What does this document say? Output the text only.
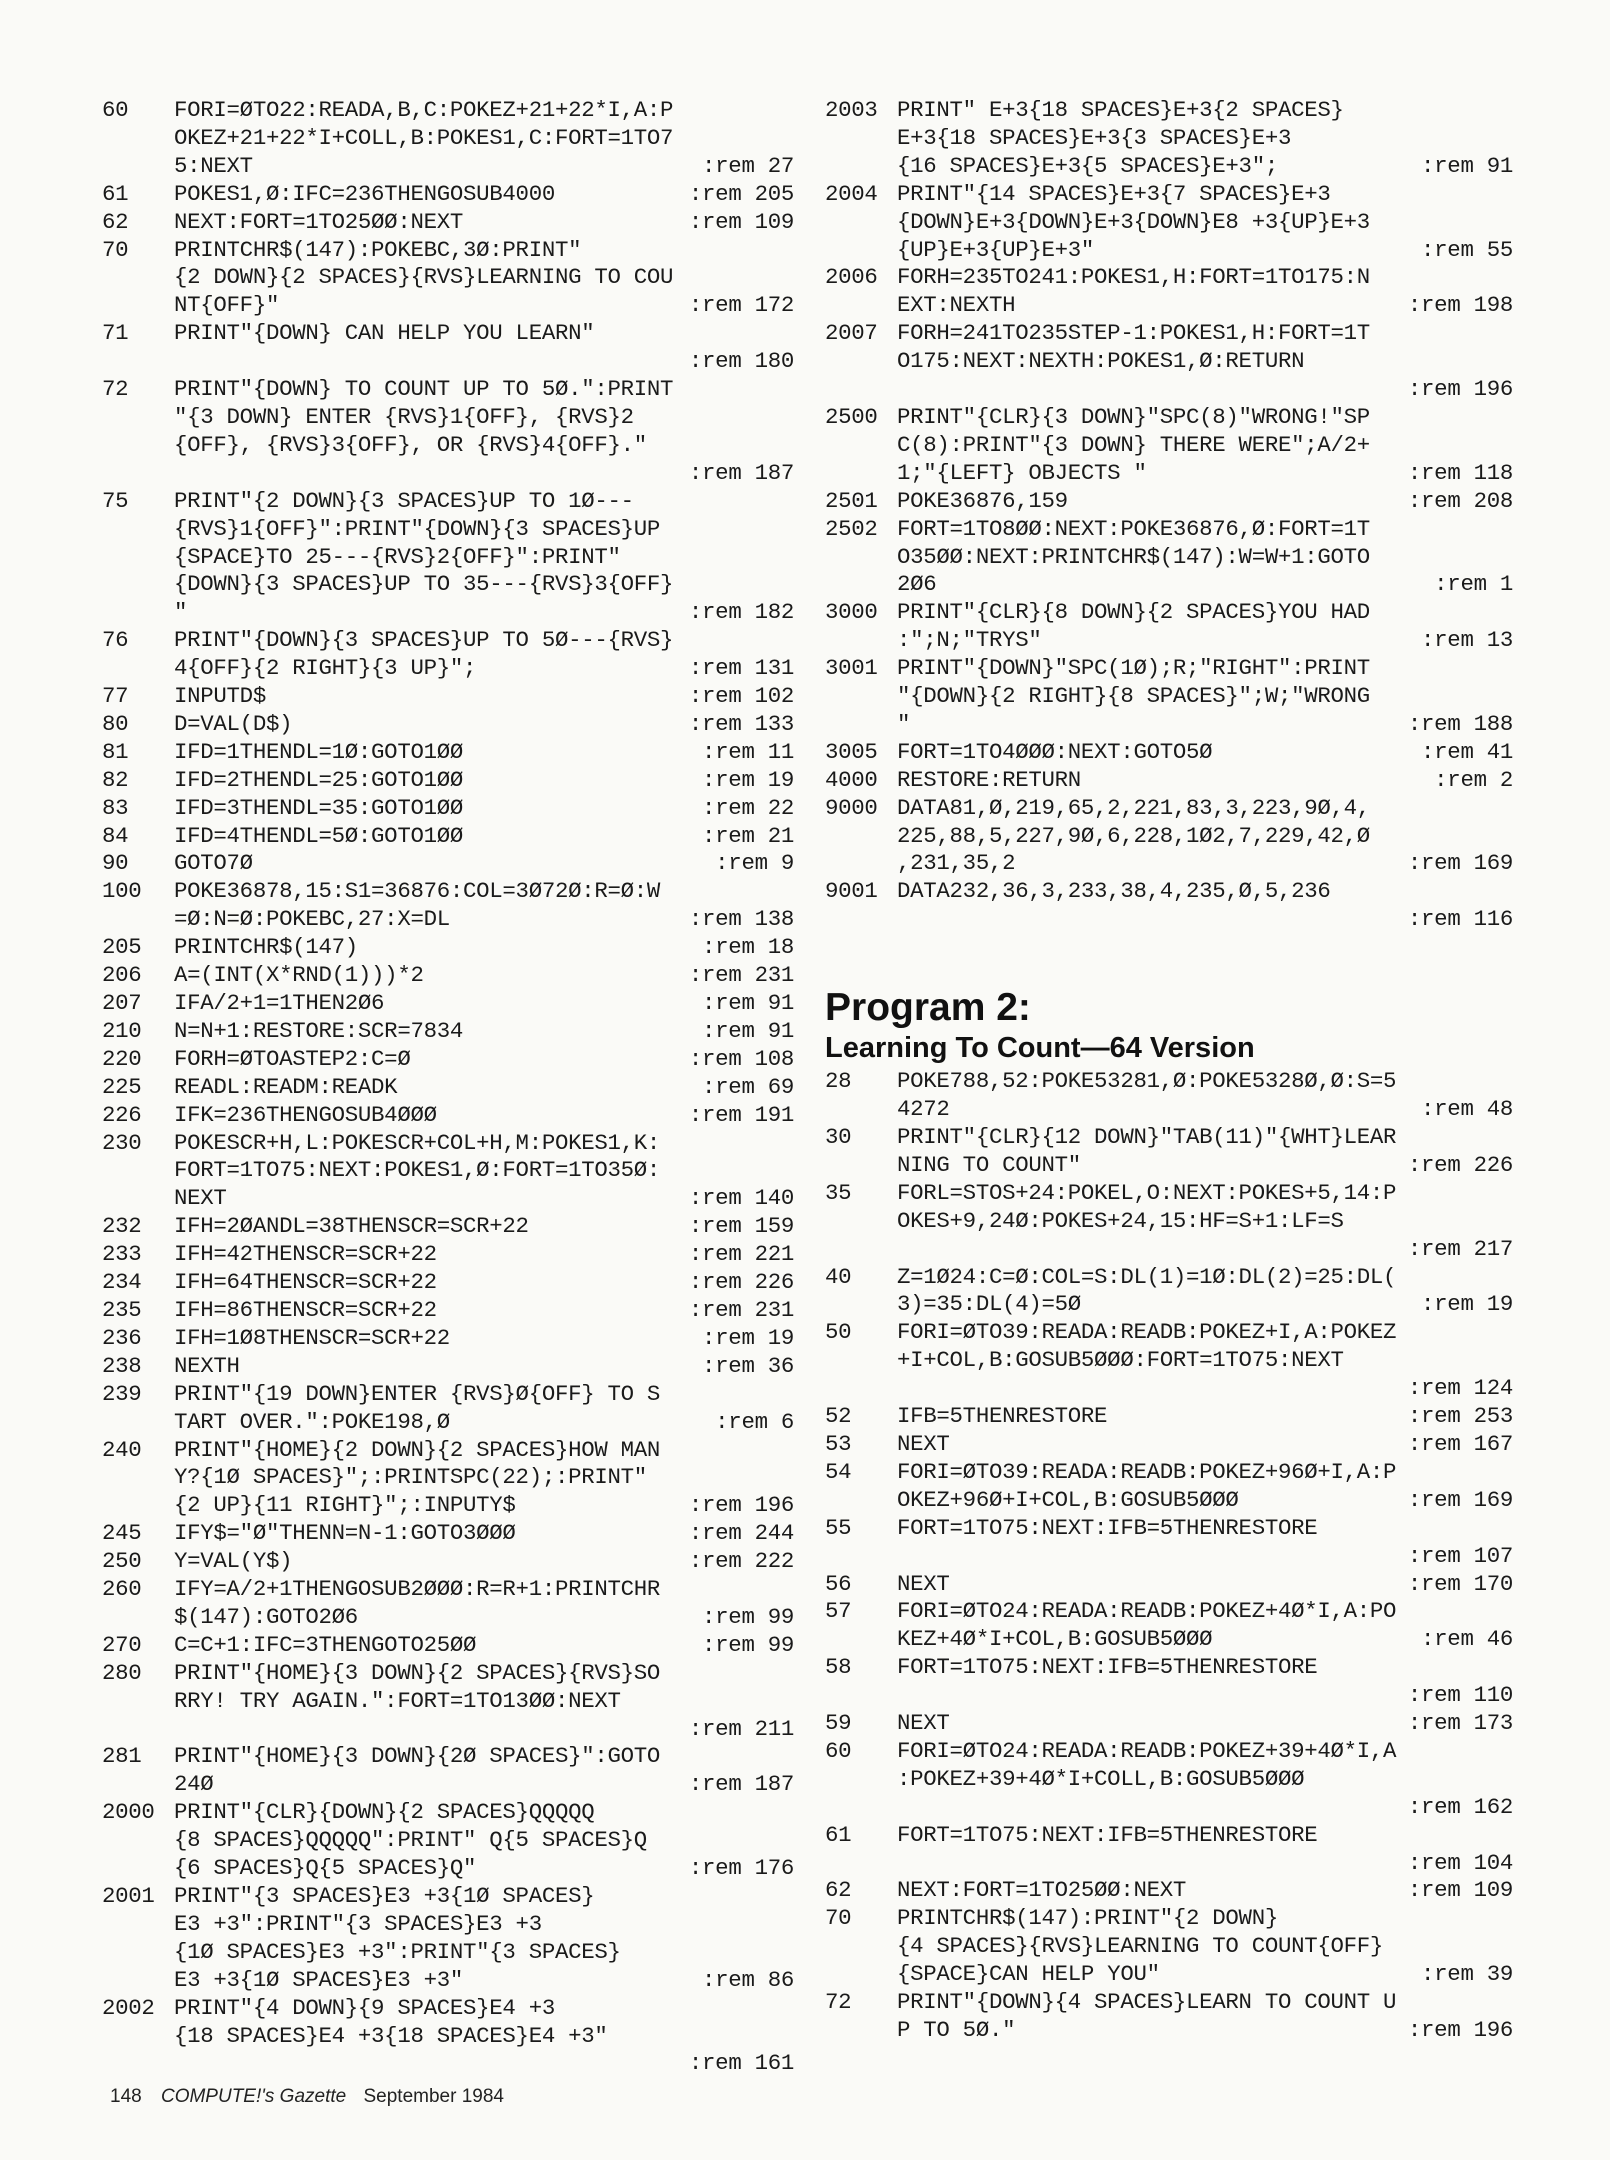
60	FORI=ØTO22:READA,B,C:POKEZ+21+22*I,A:P
OKEZ+21+22*I+COLL,B:POKES1,C:FORT=1TO7
5:NEXT	:rem 27
61	POKES1,Ø:IFC=236THENGOSUB4000	:rem 205
62	NEXT:FORT=1TO25ØØ:NEXT	:rem 109
70	PRINTCHR$(147):POKEBC,3Ø:PRINT"
{2 DOWN}{2 SPACES}{RVS}LEARNING TO COU
NT{OFF}"	:rem 172
71	PRINT"{DOWN} CAN HELP YOU LEARN"
:rem 180
72	PRINT"{DOWN} TO COUNT UP TO 5Ø.":PRINT
"{3 DOWN} ENTER {RVS}1{OFF}, {RVS}2
{OFF}, {RVS}3{OFF}, OR {RVS}4{OFF}."
:rem 187
75	PRINT"{2 DOWN}{3 SPACES}UP TO 1Ø---
{RVS}1{OFF}":PRINT"{DOWN}{3 SPACES}UP
{SPACE}TO 25---{RVS}2{OFF}":PRINT"
{DOWN}{3 SPACES}UP TO 35---{RVS}3{OFF}
"	:rem 182
76	PRINT"{DOWN}{3 SPACES}UP TO 5Ø---{RVS}
4{OFF}{2 RIGHT}{3 UP}";	:rem 131
77	INPUTD$	:rem 102
80	D=VAL(D$)	:rem 133
81	IFD=1THENDL=1Ø:GOTO1ØØ	:rem 11
82	IFD=2THENDL=25:GOTO1ØØ	:rem 19
83	IFD=3THENDL=35:GOTO1ØØ	:rem 22
84	IFD=4THENDL=5Ø:GOTO1ØØ	:rem 21
90	GOTO7Ø	:rem 9
100	POKE36878,15:S1=36876:COL=3Ø72Ø:R=Ø:W
=Ø:N=Ø:POKEBC,27:X=DL	:rem 138
205	PRINTCHR$(147)	:rem 18
206	A=(INT(X*RND(1)))*2	:rem 231
207	IFA/2+1=1THEN2Ø6	:rem 91
210	N=N+1:RESTORE:SCR=7834	:rem 91
220	FORH=ØTOASTEP2:C=Ø	:rem 108
225	READL:READM:READK	:rem 69
226	IFK=236THENGOSUB4ØØØ	:rem 191
230	POKESCR+H,L:POKESCR+COL+H,M:POKES1,K:
FORT=1TO75:NEXT:POKES1,Ø:FORT=1TO35Ø:
NEXT	:rem 140
232	IFH=2ØANDL=38THENSCR=SCR+22	:rem 159
233	IFH=42THENSCR=SCR+22	:rem 221
234	IFH=64THENSCR=SCR+22	:rem 226
235	IFH=86THENSCR=SCR+22	:rem 231
236	IFH=1Ø8THENSCR=SCR+22	:rem 19
238	NEXTH	:rem 36
239	PRINT"{19 DOWN}ENTER {RVS}Ø{OFF} TO S
TART OVER.":POKE198,Ø	:rem 6
240	PRINT"{HOME}{2 DOWN}{2 SPACES}HOW MAN
Y?{1Ø SPACES}";:PRINTSPC(22);:PRINT"
{2 UP}{11 RIGHT}";:INPUTY$	:rem 196
245	IFY$="Ø"THENN=N-1:GOTO3ØØØ	:rem 244
250	Y=VAL(Y$)	:rem 222
260	IFY=A/2+1THENGOSUB2ØØØ:R=R+1:PRINTCHR
$(147):GOTO2Ø6	:rem 99
270	C=C+1:IFC=3THENGOTO25ØØ	:rem 99
280	PRINT"{HOME}{3 DOWN}{2 SPACES}{RVS}SO
RRY! TRY AGAIN.":FORT=1TO13ØØ:NEXT
:rem 211
281	PRINT"{HOME}{3 DOWN}{2Ø SPACES}":GOTO
24Ø	:rem 187
2000 PRINT"{CLR}{DOWN}{2 SPACES}QQQQQ
{8 SPACES}QQQQQ":PRINT" Q{5 SPACES}Q
{6 SPACES}Q{5 SPACES}Q"	:rem 176
2001 PRINT"{3 SPACES}E3 +3{1Ø SPACES}
E3 +3":PRINT"{3 SPACES}E3 +3
{1Ø SPACES}E3 +3":PRINT"{3 SPACES}
E3 +3{1Ø SPACES}E3 +3"	:rem 86
2002 PRINT"{4 DOWN}{9 SPACES}E4 +3
{18 SPACES}E4 +3{18 SPACES}E4 +3"
:rem 161
2003 PRINT" E+3{18 SPACES}E+3{2 SPACES}
E+3{18 SPACES}E+3{3 SPACES}E+3
{16 SPACES}E+3{5 SPACES}E+3";	:rem 91
2004 PRINT"{14 SPACES}E+3{7 SPACES}E+3
{DOWN}E+3{DOWN}E+3{DOWN}E8 +3{UP}E+3
{UP}E+3{UP}E+3"	:rem 55
2006 FORH=235TO241:POKES1,H:FORT=1TO175:N
EXT:NEXTH	:rem 198
2007 FORH=241TO235STEP-1:POKES1,H:FORT=1T
O175:NEXT:NEXTH:POKES1,Ø:RETURN
:rem 196
2500 PRINT"{CLR}{3 DOWN}"SPC(8)"WRONG!"SP
C(8):PRINT"{3 DOWN} THERE WERE";A/2+
1;"{LEFT} OBJECTS "	:rem 118
2501 POKE36876,159	:rem 208
2502 FORT=1TO8ØØ:NEXT:POKE36876,Ø:FORT=1T
O35ØØ:NEXT:PRINTCHR$(147):W=W+1:GOTO
2Ø6	:rem 1
3000 PRINT"{CLR}{8 DOWN}{2 SPACES}YOU HAD
:";N;"TRYS"	:rem 13
3001 PRINT"{DOWN}"SPC(1Ø);R;"RIGHT":PRINT
"{DOWN}{2 RIGHT}{8 SPACES}";W;"WRONG
"	:rem 188
3005 FORT=1TO4ØØØ:NEXT:GOTO5Ø	:rem 41
4000 RESTORE:RETURN	:rem 2
9000 DATA81,Ø,219,65,2,221,83,3,223,9Ø,4,
225,88,5,227,9Ø,6,228,1Ø2,7,229,42,Ø
,231,35,2	:rem 169
9001 DATA232,36,3,233,38,4,235,Ø,5,236
:rem 116
Program 2:
Learning To Count—64 Version
28	POKE788,52:POKE53281,Ø:POKE5328Ø,Ø:S=5
4272	:rem 48
30	PRINT"{CLR}{12 DOWN}"TAB(11)"{WHT}LEAR
NING TO COUNT"	:rem 226
35	FORL=STOS+24:POKEL,O:NEXT:POKES+5,14:P
OKES+9,24Ø:POKES+24,15:HF=S+1:LF=S
:rem 217
40	Z=1Ø24:C=Ø:COL=S:DL(1)=1Ø:DL(2)=25:DL(
3)=35:DL(4)=5Ø	:rem 19
50	FORI=ØTO39:READA:READB:POKEZ+I,A:POKEZ
+I+COL,B:GOSUB5ØØØ:FORT=1TO75:NEXT
:rem 124
52	IFB=5THENRESTORE	:rem 253
53	NEXT	:rem 167
54	FORI=ØTO39:READA:READB:POKEZ+96Ø+I,A:P
OKEZ+96Ø+I+COL,B:GOSUB5ØØØ	:rem 169
55	FORT=1TO75:NEXT:IFB=5THENRESTORE
:rem 107
56	NEXT	:rem 170
57	FORI=ØTO24:READA:READB:POKEZ+4Ø*I,A:PO
KEZ+4Ø*I+COL,B:GOSUB5ØØØ	:rem 46
58	FORT=1TO75:NEXT:IFB=5THENRESTORE
:rem 110
59	NEXT	:rem 173
60	FORI=ØTO24:READA:READB:POKEZ+39+4Ø*I,A
:POKEZ+39+4Ø*I+COLL,B:GOSUB5ØØØ
:rem 162
61	FORT=1TO75:NEXT:IFB=5THENRESTORE
:rem 104
62	NEXT:FORT=1TO25ØØ:NEXT	:rem 109
70	PRINTCHR$(147):PRINT"{2 DOWN}
{4 SPACES}{RVS}LEARNING TO COUNT{OFF}
{SPACE}CAN HELP YOU"	:rem 39
72	PRINT"{DOWN}{4 SPACES}LEARN TO COUNT U
P TO 5Ø."	:rem 196
148 COMPUTE!'s Gazette September 1984
